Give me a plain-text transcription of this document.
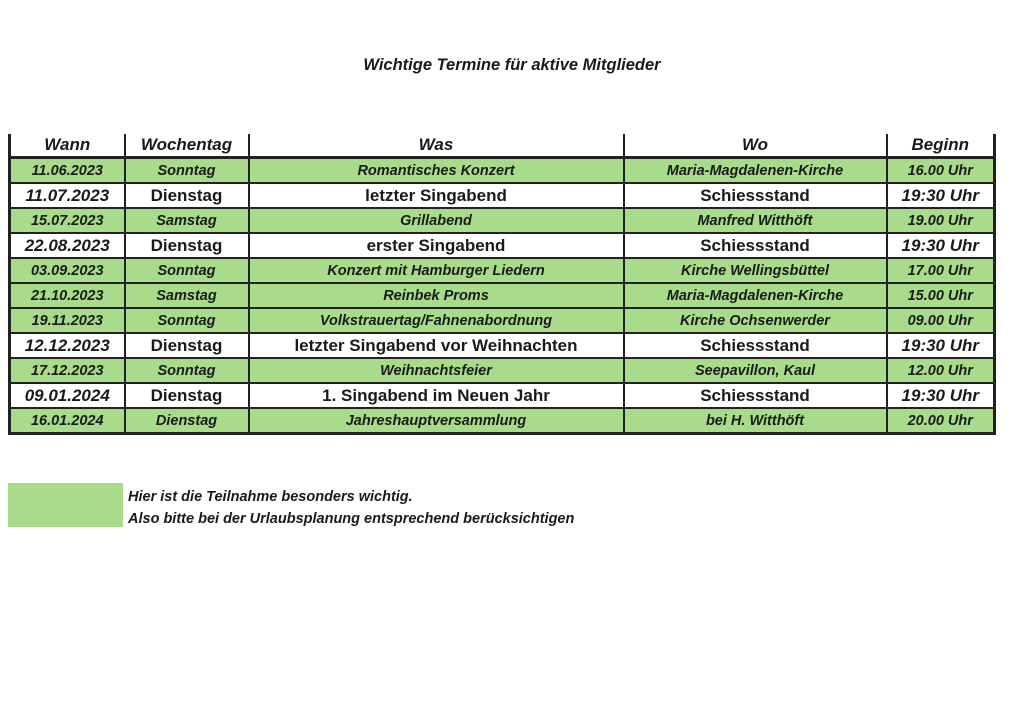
Wichtige Termine für aktive Mitglieder
Wann	Wochentag	Was	Wo	Beginn
11.06.2023	Sonntag	Romantisches Konzert	Maria-Magdalenen-Kirche	16.00 Uhr
11.07.2023	Dienstag	letzter Singabend	Schiessstand	19:30 Uhr
15.07.2023	Samstag	Grillabend	Manfred Witthöft	19.00 Uhr
22.08.2023	Dienstag	erster Singabend	Schiessstand	19:30 Uhr
03.09.2023	Sonntag	Konzert mit Hamburger Liedern	Kirche Wellingsbüttel	17.00 Uhr
21.10.2023	Samstag	Reinbek Proms	Maria-Magdalenen-Kirche	15.00 Uhr
19.11.2023	Sonntag	Volkstrauertag/Fahnenabordnung	Kirche Ochsenwerder	09.00 Uhr
12.12.2023	Dienstag	letzter Singabend vor Weihnachten	Schiessstand	19:30 Uhr
17.12.2023	Sonntag	Weihnachtsfeier	Seepavillon, Kaul	12.00 Uhr
09.01.2024	Dienstag	1. Singabend im Neuen Jahr	Schiessstand	19:30 Uhr
16.01.2024	Dienstag	Jahreshauptversammlung	bei H. Witthöft	20.00 Uhr
Hier ist die Teilnahme besonders wichtig.
Also bitte bei der Urlaubsplanung entsprechend berücksichtigen
